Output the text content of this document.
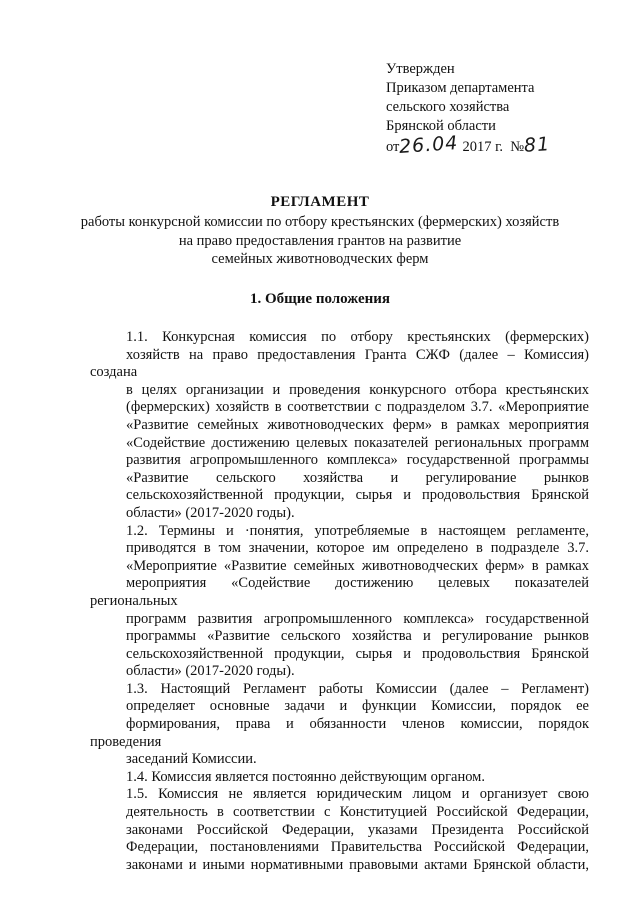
Утвержден
Приказом департамента
сельского хозяйства
Брянской области
от26.04 2017 г. №81
РЕГЛАМЕНТ
работы конкурсной комиссии по отбору крестьянских (фермерских) хозяйств
на право предоставления грантов на развитие
семейных животноводческих ферм
1. Общие положения

1.1. Конкурсная комиссия по отбору крестьянских (фермерских)
хозяйств на право предоставления Гранта СЖФ (далее – Комиссия) создана
в целях организации и проведения конкурсного отбора крестьянских
(фермерских) хозяйств в соответствии с подразделом 3.7. «Мероприятие
«Развитие семейных животноводческих ферм» в рамках мероприятия
«Содействие достижению целевых показателей региональных программ
развития агропромышленного комплекса» государственной программы
«Развитие сельского хозяйства и регулирование рынков
сельскохозяйственной продукции, сырья и продовольствия Брянской
области» (2017-2020 годы).

1.2. Термины и ·понятия, употребляемые в настоящем регламенте,
приводятся в том значении, которое им определено в подразделе 3.7.
«Мероприятие «Развитие семейных животноводческих ферм» в рамках
мероприятия «Содействие достижению целевых показателей региональных
программ развития агропромышленного комплекса» государственной
программы «Развитие сельского хозяйства и регулирование рынков
сельскохозяйственной продукции, сырья и продовольствия Брянской
области» (2017-2020 годы).

1.3. Настоящий Регламент работы Комиссии (далее – Регламент)
определяет основные задачи и функции Комиссии, порядок ее
формирования, права и обязанности членов комиссии, порядок проведения
заседаний Комиссии.

1.4. Комиссия является постоянно действующим органом.

1.5. Комиссия не является юридическим лицом и организует свою
деятельность в соответствии с Конституцией Российской Федерации,
законами Российской Федерации, указами Президента Российской
Федерации, постановлениями Правительства Российской Федерации,
законами и иными нормативными правовыми актами Брянской области,
